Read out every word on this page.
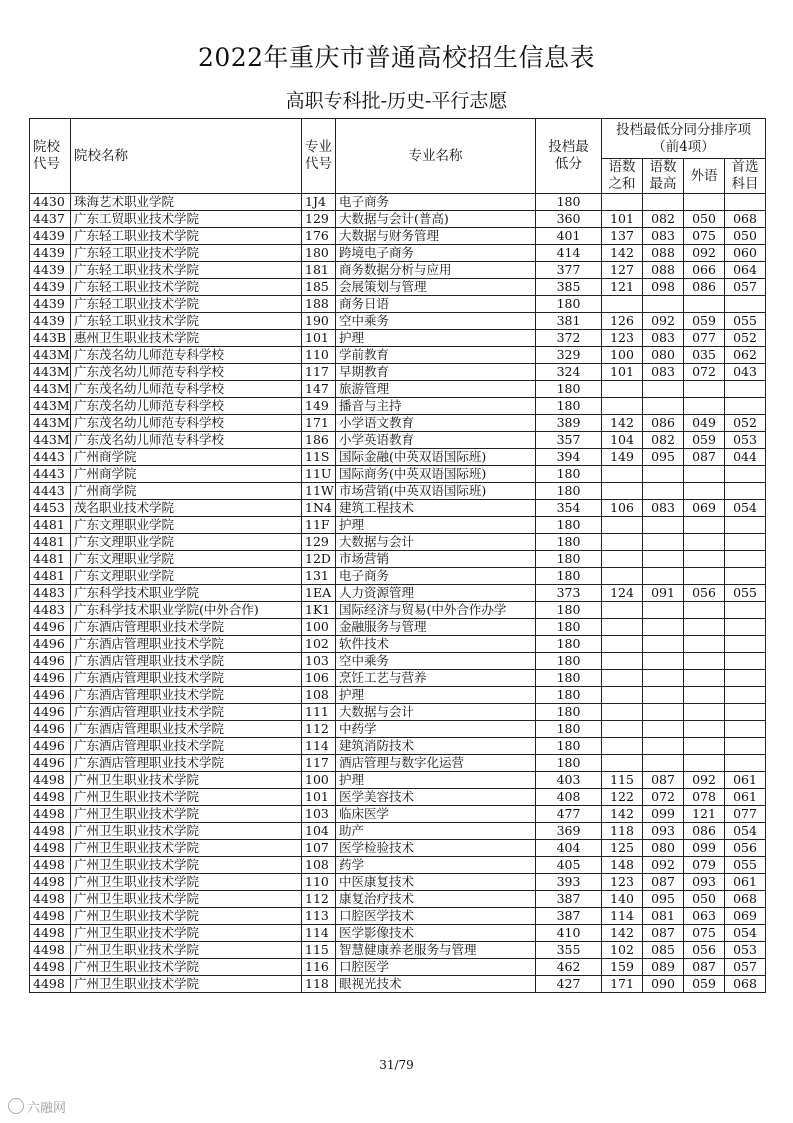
2022年重庆市普通高校招生信息表
高职专科批-历史-平行志愿
院校代号	院校名称	专业代号	专业名称	投档最低分	投档最低分同分排序项（前4项）			
					语数之和	语数最高	外语	首选科目
4430	珠海艺术职业学院	1J4	电子商务	180				
4437	广东工贸职业技术学院	129	大数据与会计(普高)	360	101	082	050	068
4439	广东轻工职业技术学院	176	大数据与财务管理	401	137	083	075	050
4439	广东轻工职业技术学院	180	跨境电子商务	414	142	088	092	060
4439	广东轻工职业技术学院	181	商务数据分析与应用	377	127	088	066	064
4439	广东轻工职业技术学院	185	会展策划与管理	385	121	098	086	057
4439	广东轻工职业技术学院	188	商务日语	180				
4439	广东轻工职业技术学院	190	空中乘务	381	126	092	059	055
443B	惠州卫生职业技术学院	101	护理	372	123	083	077	052
443M	广东茂名幼儿师范专科学校	110	学前教育	329	100	080	035	062
443M	广东茂名幼儿师范专科学校	117	早期教育	324	101	083	072	043
443M	广东茂名幼儿师范专科学校	147	旅游管理	180				
443M	广东茂名幼儿师范专科学校	149	播音与主持	180				
443M	广东茂名幼儿师范专科学校	171	小学语文教育	389	142	086	049	052
443M	广东茂名幼儿师范专科学校	186	小学英语教育	357	104	082	059	053
4443	广州商学院	11S	国际金融(中英双语国际班)	394	149	095	087	044
4443	广州商学院	11U	国际商务(中英双语国际班)	180				
4443	广州商学院	11W	市场营销(中英双语国际班)	180				
4453	茂名职业技术学院	1N4	建筑工程技术	354	106	083	069	054
4481	广东文理职业学院	11F	护理	180				
4481	广东文理职业学院	129	大数据与会计	180				
4481	广东文理职业学院	12D	市场营销	180				
4481	广东文理职业学院	131	电子商务	180				
4483	广东科学技术职业学院	1EA	人力资源管理	373	124	091	056	055
4483	广东科学技术职业学院(中外合作)	1K1	国际经济与贸易(中外合作办学	180				
4496	广东酒店管理职业技术学院	100	金融服务与管理	180				
4496	广东酒店管理职业技术学院	102	软件技术	180				
4496	广东酒店管理职业技术学院	103	空中乘务	180				
4496	广东酒店管理职业技术学院	106	烹饪工艺与营养	180				
4496	广东酒店管理职业技术学院	108	护理	180				
4496	广东酒店管理职业技术学院	111	大数据与会计	180				
4496	广东酒店管理职业技术学院	112	中药学	180				
4496	广东酒店管理职业技术学院	114	建筑消防技术	180				
4496	广东酒店管理职业技术学院	117	酒店管理与数字化运营	180				
4498	广州卫生职业技术学院	100	护理	403	115	087	092	061
4498	广州卫生职业技术学院	101	医学美容技术	408	122	072	078	061
4498	广州卫生职业技术学院	103	临床医学	477	142	099	121	077
4498	广州卫生职业技术学院	104	助产	369	118	093	086	054
4498	广州卫生职业技术学院	107	医学检验技术	404	125	080	099	056
4498	广州卫生职业技术学院	108	药学	405	148	092	079	055
4498	广州卫生职业技术学院	110	中医康复技术	393	123	087	093	061
4498	广州卫生职业技术学院	112	康复治疗技术	387	140	095	050	068
4498	广州卫生职业技术学院	113	口腔医学技术	387	114	081	063	069
4498	广州卫生职业技术学院	114	医学影像技术	410	142	087	075	054
4498	广州卫生职业技术学院	115	智慧健康养老服务与管理	355	102	085	056	053
4498	广州卫生职业技术学院	116	口腔医学	462	159	089	087	057
4498	广州卫生职业技术学院	118	眼视光技术	427	171	090	059	068
31/79
六融网
